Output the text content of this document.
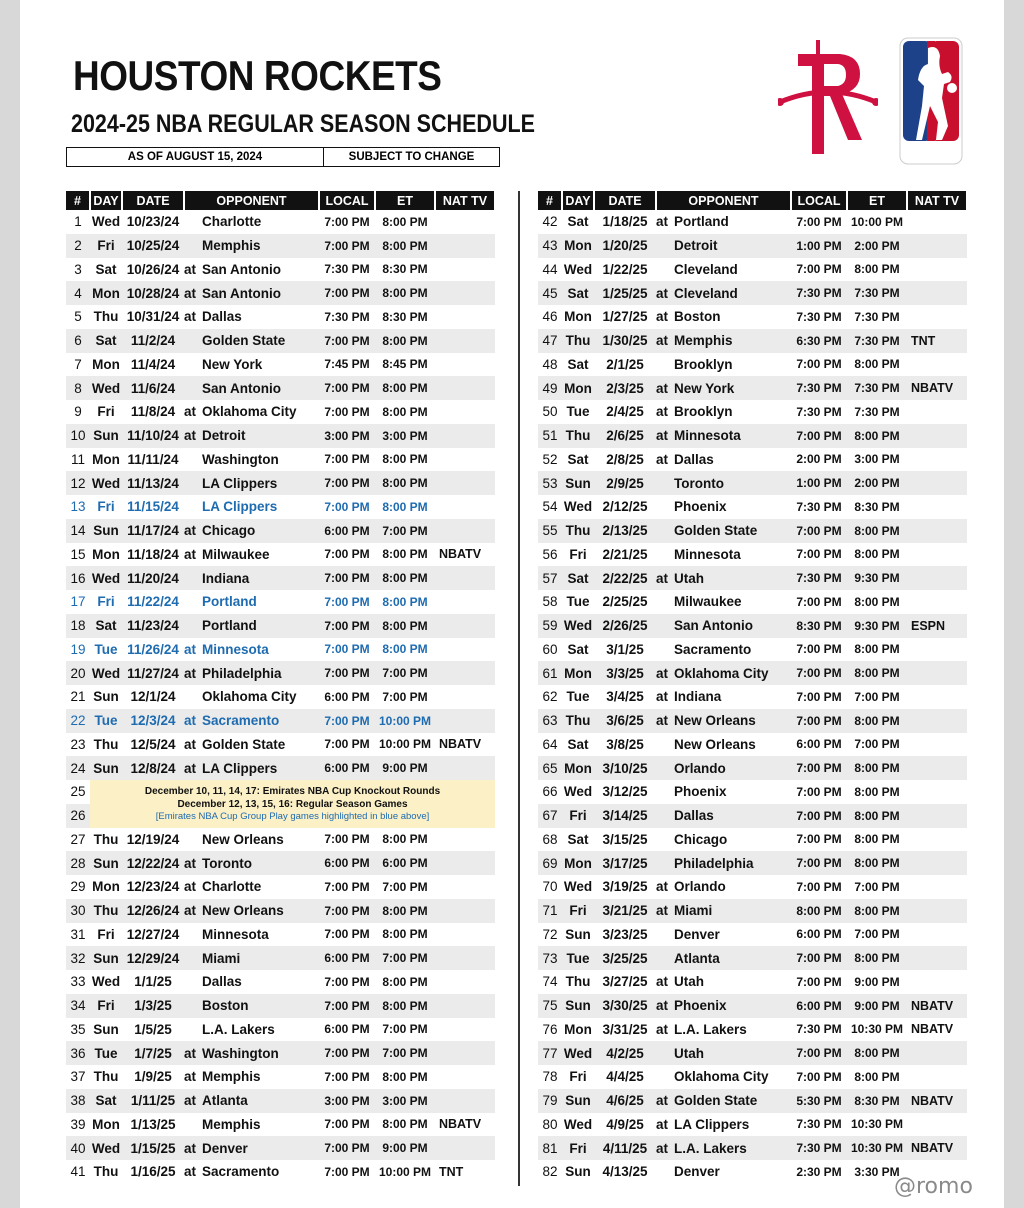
HOUSTON ROCKETS
2024-25 NBA REGULAR SEASON SCHEDULE
AS OF AUGUST 15, 2024	SUBJECT TO CHANGE	NBA
#	DAY	DATE	OPPONENT	LOCAL	ET	NAT TV
1	Wed	10/23/24	Charlotte	7:00 PM	8:00 PM	
2	Fri	10/25/24	Memphis	7:00 PM	8:00 PM	
3	Sat	10/26/24	at San Antonio	7:30 PM	8:30 PM	
4	Mon	10/28/24	at San Antonio	7:00 PM	8:00 PM	
5	Thu	10/31/24	at Dallas	7:30 PM	8:30 PM	
6	Sat	11/2/24	Golden State	7:00 PM	8:00 PM	
7	Mon	11/4/24	New York	7:45 PM	8:45 PM	
8	Wed	11/6/24	San Antonio	7:00 PM	8:00 PM	
9	Fri	11/8/24	at Oklahoma City	7:00 PM	8:00 PM	
10	Sun	11/10/24	at Detroit	3:00 PM	3:00 PM	
11	Mon	11/11/24	Washington	7:00 PM	8:00 PM	
12	Wed	11/13/24	LA Clippers	7:00 PM	8:00 PM	
13	Fri	11/15/24	LA Clippers	7:00 PM	8:00 PM	
14	Sun	11/17/24	at Chicago	6:00 PM	7:00 PM	
15	Mon	11/18/24	at Milwaukee	7:00 PM	8:00 PM	NBATV
16	Wed	11/20/24	Indiana	7:00 PM	8:00 PM	
17	Fri	11/22/24	Portland	7:00 PM	8:00 PM	
18	Sat	11/23/24	Portland	7:00 PM	8:00 PM	
19	Tue	11/26/24	at Minnesota	7:00 PM	8:00 PM	
20	Wed	11/27/24	at Philadelphia	7:00 PM	7:00 PM	
21	Sun	12/1/24	Oklahoma City	6:00 PM	7:00 PM	
22	Tue	12/3/24	at Sacramento	7:00 PM	10:00 PM	
23	Thu	12/5/24	at Golden State	7:00 PM	10:00 PM	NBATV
24	Sun	12/8/24	at LA Clippers	6:00 PM	9:00 PM	
25	December 10, 11, 14, 17: Emirates NBA Cup Knockout Rounds
December 12, 13, 15, 16: Regular Season Games
[Emirates NBA Cup Group Play games highlighted in blue above]					

26						
27	Thu	12/19/24	New Orleans	7:00 PM	8:00 PM	
28	Sun	12/22/24	at Toronto	6:00 PM	6:00 PM	
29	Mon	12/23/24	at Charlotte	7:00 PM	7:00 PM	
30	Thu	12/26/24	at New Orleans	7:00 PM	8:00 PM	
31	Fri	12/27/24	Minnesota	7:00 PM	8:00 PM	
32	Sun	12/29/24	Miami	6:00 PM	7:00 PM	
33	Wed	1/1/25	Dallas	7:00 PM	8:00 PM	
34	Fri	1/3/25	Boston	7:00 PM	8:00 PM	
35	Sun	1/5/25	L.A. Lakers	6:00 PM	7:00 PM	
36	Tue	1/7/25	at Washington	7:00 PM	7:00 PM	
37	Thu	1/9/25	at Memphis	7:00 PM	8:00 PM	
38	Sat	1/11/25	at Atlanta	3:00 PM	3:00 PM	
39	Mon	1/13/25	Memphis	7:00 PM	8:00 PM	NBATV
40	Wed	1/15/25	at Denver	7:00 PM	9:00 PM	
41	Thu	1/16/25	at Sacramento	7:00 PM	10:00 PM	TNT
#	DAY	DATE	OPPONENT	LOCAL	ET	NAT TV
42	Sat	1/18/25	at Portland	7:00 PM	10:00 PM	
43	Mon	1/20/25	Detroit	1:00 PM	2:00 PM	
44	Wed	1/22/25	Cleveland	7:00 PM	8:00 PM	
45	Sat	1/25/25	at Cleveland	7:30 PM	7:30 PM	
46	Mon	1/27/25	at Boston	7:30 PM	7:30 PM	
47	Thu	1/30/25	at Memphis	6:30 PM	7:30 PM	TNT
48	Sat	2/1/25	Brooklyn	7:00 PM	8:00 PM	
49	Mon	2/3/25	at New York	7:30 PM	7:30 PM	NBATV
50	Tue	2/4/25	at Brooklyn	7:30 PM	7:30 PM	
51	Thu	2/6/25	at Minnesota	7:00 PM	8:00 PM	
52	Sat	2/8/25	at Dallas	2:00 PM	3:00 PM	
53	Sun	2/9/25	Toronto	1:00 PM	2:00 PM	
54	Wed	2/12/25	Phoenix	7:30 PM	8:30 PM	
55	Thu	2/13/25	Golden State	7:00 PM	8:00 PM	
56	Fri	2/21/25	Minnesota	7:00 PM	8:00 PM	
57	Sat	2/22/25	at Utah	7:30 PM	9:30 PM	
58	Tue	2/25/25	Milwaukee	7:00 PM	8:00 PM	
59	Wed	2/26/25	San Antonio	8:30 PM	9:30 PM	ESPN
60	Sat	3/1/25	Sacramento	7:00 PM	8:00 PM	
61	Mon	3/3/25	at Oklahoma City	7:00 PM	8:00 PM	
62	Tue	3/4/25	at Indiana	7:00 PM	7:00 PM	
63	Thu	3/6/25	at New Orleans	7:00 PM	8:00 PM	
64	Sat	3/8/25	New Orleans	6:00 PM	7:00 PM	
65	Mon	3/10/25	Orlando	7:00 PM	8:00 PM	
66	Wed	3/12/25	Phoenix	7:00 PM	8:00 PM	
67	Fri	3/14/25	Dallas	7:00 PM	8:00 PM	
68	Sat	3/15/25	Chicago	7:00 PM	8:00 PM	
69	Mon	3/17/25	Philadelphia	7:00 PM	8:00 PM	
70	Wed	3/19/25	at Orlando	7:00 PM	7:00 PM	
71	Fri	3/21/25	at Miami	8:00 PM	8:00 PM	
72	Sun	3/23/25	Denver	6:00 PM	7:00 PM	
73	Tue	3/25/25	Atlanta	7:00 PM	8:00 PM	
74	Thu	3/27/25	at Utah	7:00 PM	9:00 PM	
75	Sun	3/30/25	at Phoenix	6:00 PM	9:00 PM	NBATV
76	Mon	3/31/25	at L.A. Lakers	7:30 PM	10:30 PM	NBATV
77	Wed	4/2/25	Utah	7:00 PM	8:00 PM	
78	Fri	4/4/25	Oklahoma City	7:00 PM	8:00 PM	
79	Sun	4/6/25	at Golden State	5:30 PM	8:30 PM	NBATV
80	Wed	4/9/25	at LA Clippers	7:30 PM	10:30 PM	
81	Fri	4/11/25	at L.A. Lakers	7:30 PM	10:30 PM	NBATV
82	Sun	4/13/25	Denver	2:30 PM	3:30 PM	
@romo
